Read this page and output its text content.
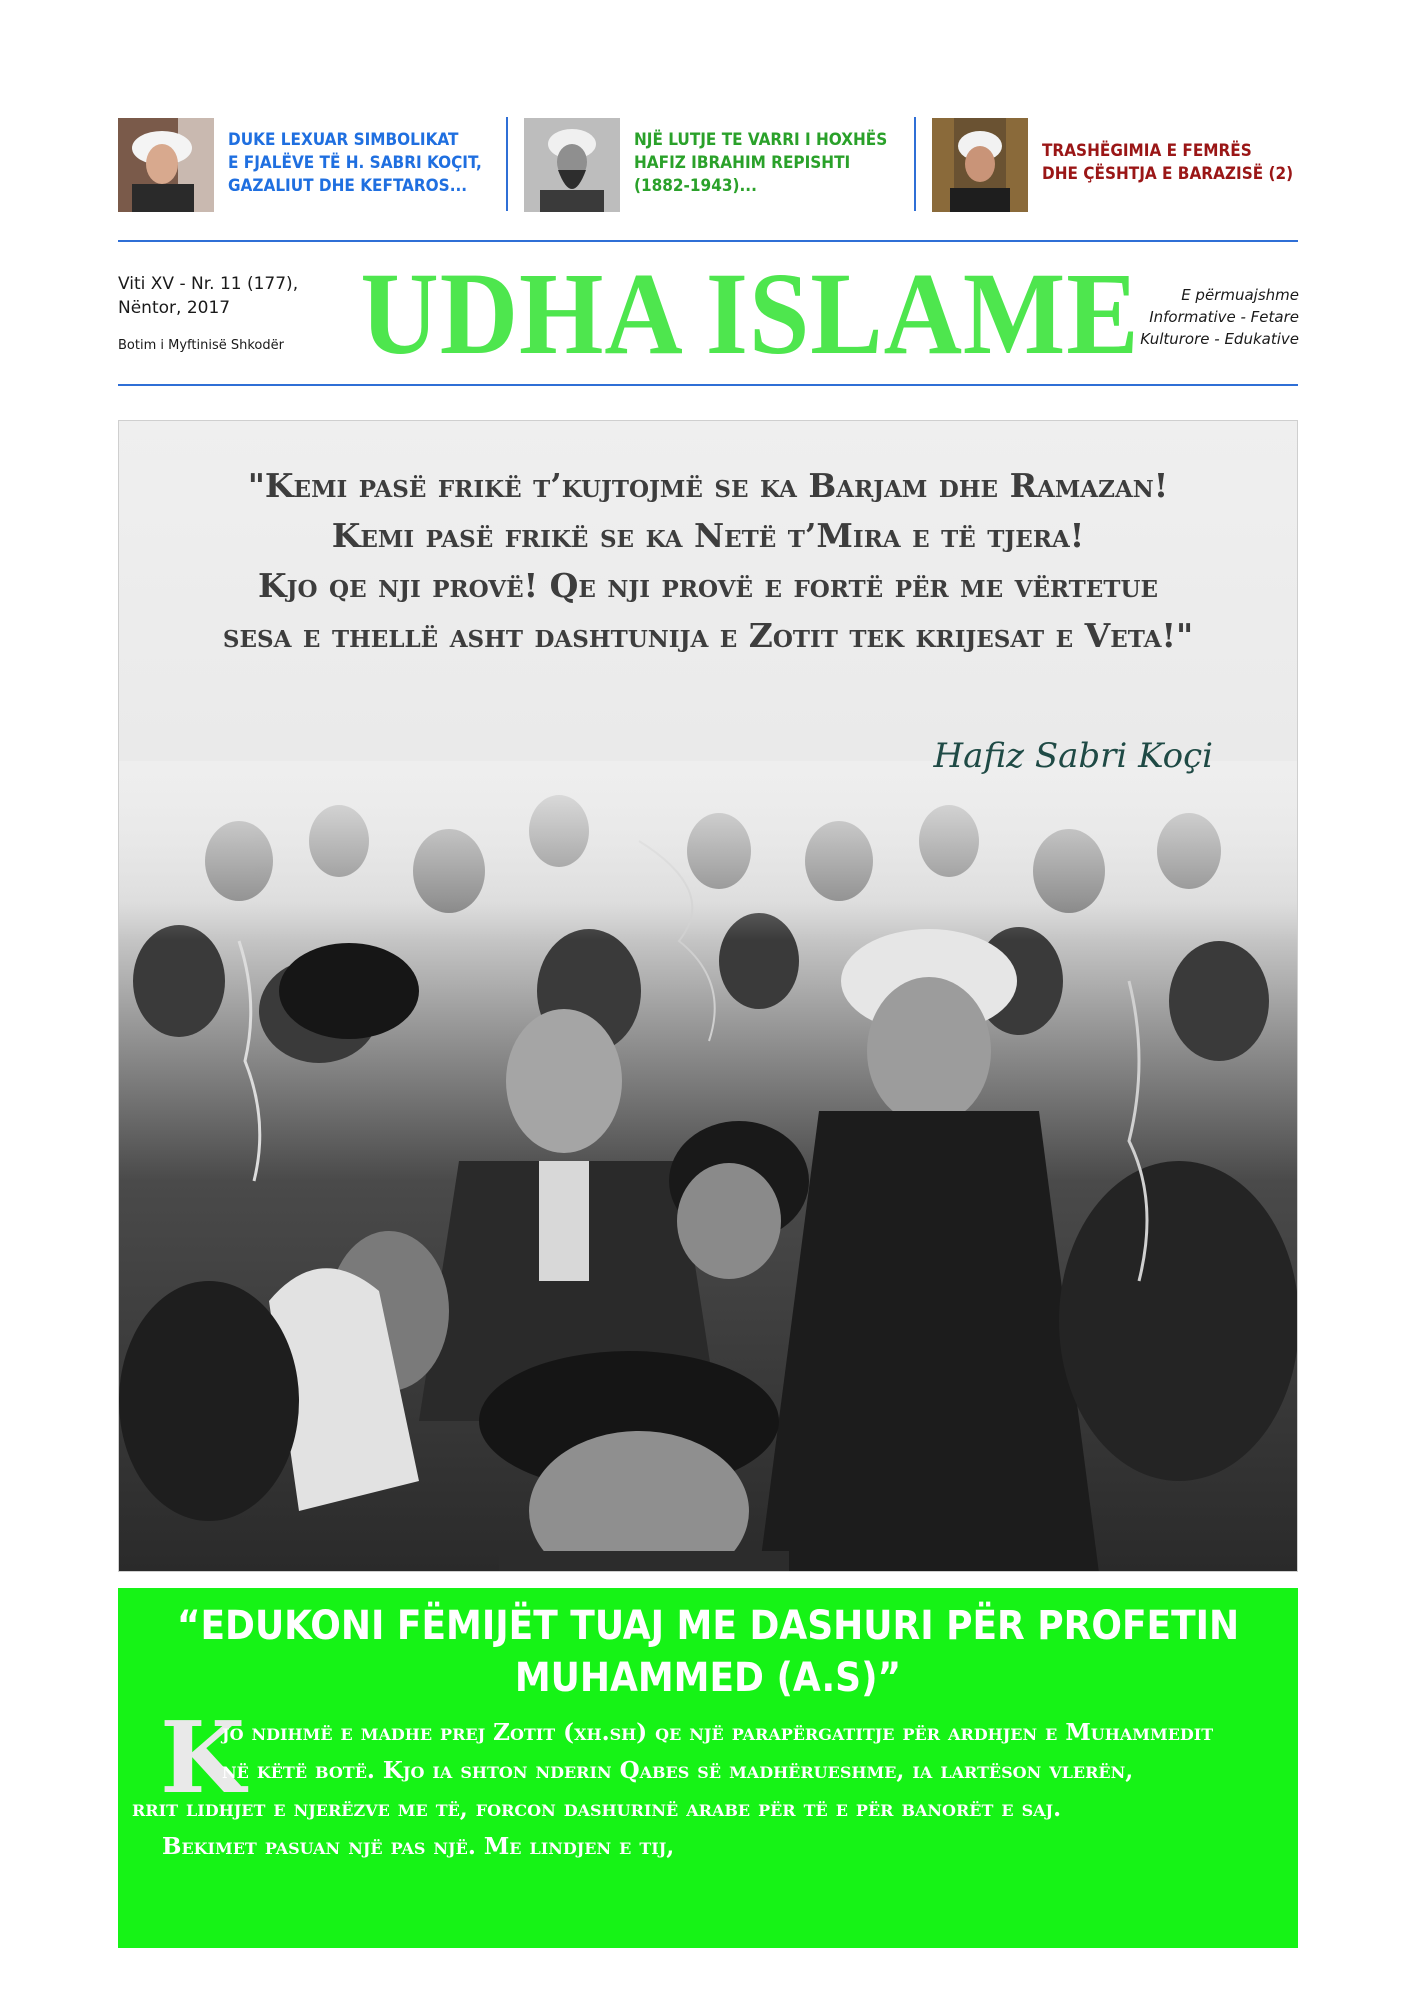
DUKE LEXUAR SIMBOLIKAT
E FJALËVE TË H. SABRI KOÇIT,
GAZALIUT DHE KEFTAROS...
NJË LUTJE TE VARRI I HOXHËS
HAFIZ IBRAHIM REPISHTI
(1882-1943)...
TRASHËGIMIA E FEMRËS
DHE ÇËSHTJA E BARAZISË (2)
Viti XV - Nr. 11 (177),
Nëntor, 2017
Botim i Myftinisë Shkodër UDHA ISLAME	E përmuajshme
Informative - Fetare
Kulturore - Edukative
"Kemi pasë frikë t’kujtojmë se ka Barjam dhe Ramazan!
Kemi pasë frikë se ka Netë t’Mira e të tjera!
Kjo qe nji provë! Qe nji provë e fortë për me vërtetue
sesa e thellë asht dashtunija e Zotit tek krijesat e Veta!"
Hafiz Sabri Koçi
“EDUKONI FËMIJËT TUAJ ME DASHURI PËR PROFETIN
MUHAMMED (A.S)”
K
jo ndihmë e madhe prej Zotit (xh.sh) qe një parapërgatitje për ardhjen e Muhammedit
në këtë botë. Kjo ia shton nderin Qabes së madhërueshme, ia lartëson vlerën,
rrit lidhjet e njerëzve me të, forcon dashurinë arabe për të e për banorët e saj.
Bekimet pasuan një pas një. Me lindjen e tij,
